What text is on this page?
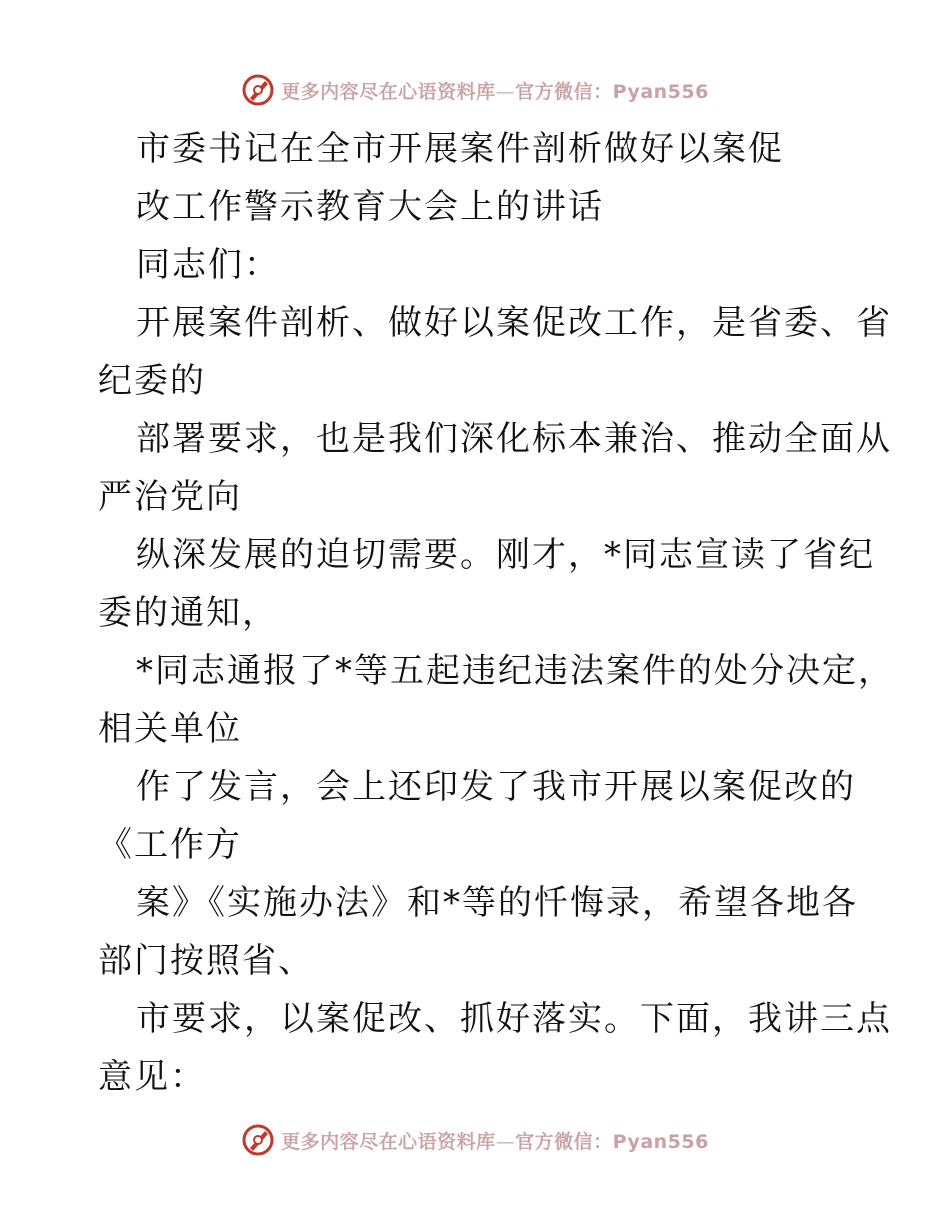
更多内容尽在心语资料库—官方微信：Pyan556
市委书记在全市开展案件剖析做好以案促
改工作警示教育大会上的讲话
同志们：
开展案件剖析、做好以案促改工作，是省委、省
纪委的
部署要求，也是我们深化标本兼治、推动全面从
严治党向
纵深发展的迫切需要。刚才，*同志宣读了省纪
委的通知，
*同志通报了*等五起违纪违法案件的处分决定，
相关单位
作了发言，会上还印发了我市开展以案促改的
《工作方
案》《实施办法》和*等的忏悔录，希望各地各
部门按照省、
市要求，以案促改、抓好落实。下面，我讲三点
意见：
更多内容尽在心语资料库—官方微信：Pyan556
